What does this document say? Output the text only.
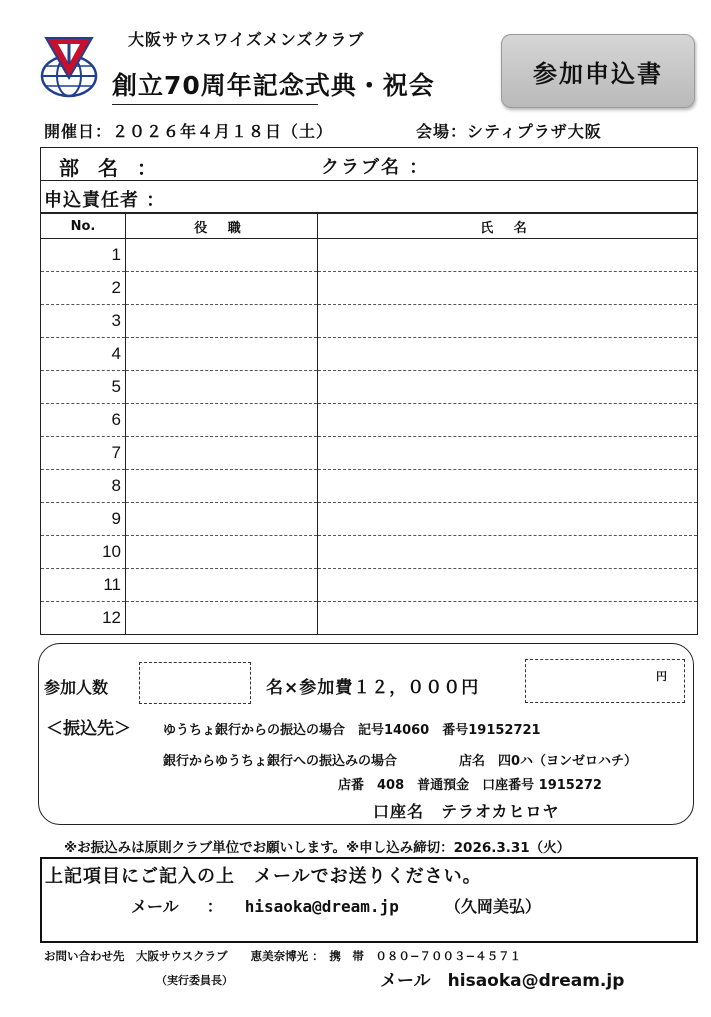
大阪サウスワイズメンズクラブ
創立70周年記念式典・祝会	参加申込書
開催日：２０２６年４月１８日（土）	会場：シティプラザ大阪
部 名 ：	クラブ名 ：
申込責任者 ：
No.	役 職	氏 名
1		
2		
3		
4		
5		
6		
7		
8		
9		
10		
11		
12		
参加人数	名×参加費１２，０００円
円
＜振込先＞ ゆうちょ銀行からの振込の場合　記号14060　番号19152721
銀行からゆうちょ銀行への振込みの場合	店名　四0ハ（ヨンゼロハチ）
店番　408　普通預金　口座番号 1915272
口座名　テラオカヒロヤ
※お振込みは原則クラブ単位でお願いします。※申し込み締切：2026.3.31（火）
上記項目にご記入の上　メールでお送りください。
メール ： hisaoka@dream.jp	（久岡美弘）
お問い合わせ先　大阪サウスクラブ　　恵美奈博光 ：　携　帯　０８０−７００３−４５７１
（実行委員長）	メール　hisaoka@dream.jp
